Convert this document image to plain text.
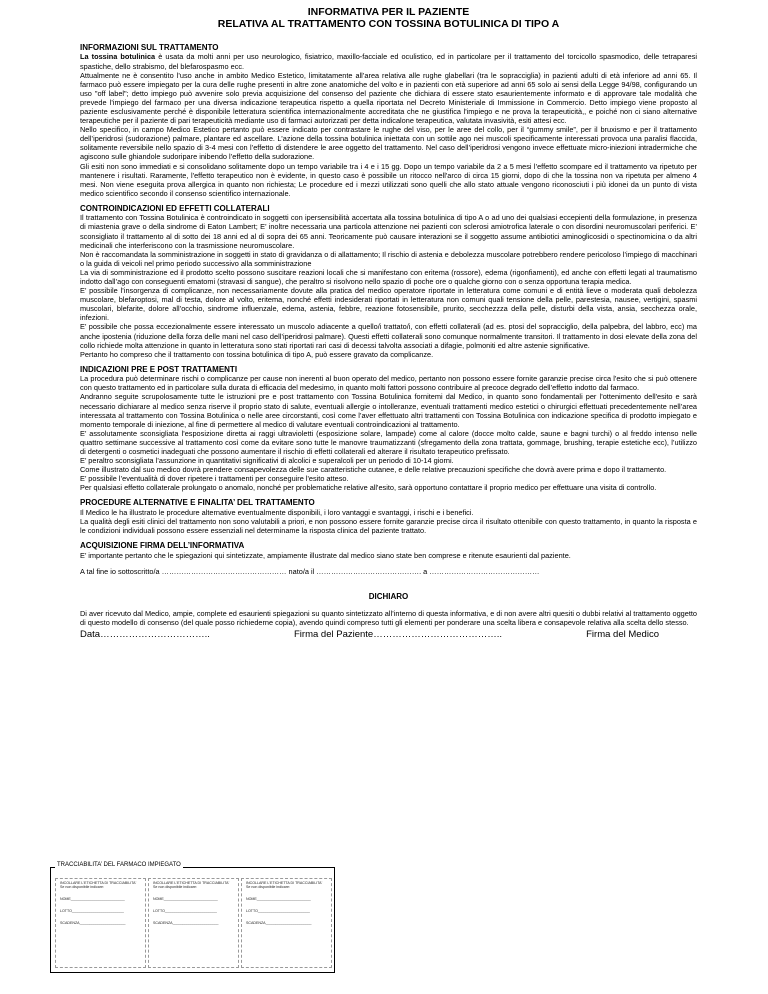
INFORMATIVA PER IL PAZIENTE
RELATIVA AL TRATTAMENTO CON TOSSINA BOTULINICA DI TIPO A
INFORMAZIONI SUL TRATTAMENTO

La tossina botulinica è usata da molti anni per uso neurologico, fisiatrico, maxillo-facciale ed oculistico, ed in particolare per il trattamento del torcicollo spasmodico, delle tetraparesi spastiche, dello strabismo, del blefarospasmo ecc.

Attualmente ne è consentito l’uso anche in ambito Medico Estetico, limitatamente all’area relativa alle rughe glabellari (tra le sopracciglia) in pazienti adulti di età inferiore ad anni 65. Il farmaco può essere impiegato per la cura delle rughe presenti in altre zone anatomiche del volto e in pazienti con età superiore ad anni 65 solo ai sensi della Legge 94/98, configurando un uso "off label"; detto impiego può avvenire solo previa acquisizione del consenso del paziente che dichiara di essere stato esaurientemente informato e di approvare tale modalità che prevede l’impiego del farmaco per una diversa indicazione terapeutica rispetto a quella riportata nel Decreto Ministeriale di Immissione in Commercio. Detto impiego viene proposto al paziente esclusivamente perché è disponibile letteratura scientifica internazionalmente accreditata che ne giustifica l'impiego e ne prova la terapeuticità,, e poiché non ci siano alternative terapeutiche per il paziente di pari terapeuticità mediante uso di farmaci autorizzati per detta indicalone terapeutica, valutata invasività, esiti attesi ecc.

Nello specifico, in campo Medico Estetico pertanto può essere indicato per contrastare le rughe del viso, per le aree del collo, per il “gummy smile”, per il bruxismo e per il trattamento dell’iperidrosi (sudorazione) palmare, plantare ed ascellare. L’azione della tossina botulinica iniettata con un sottile ago nei muscoli specificamente interessati provoca una paralisi flaccida, solitamente reversibile nello spazio di 3-4 mesi con l’effetto di distendere le aree oggetto del trattamento. Nel caso dell’iperidrosi vengono invece effettuate micro-iniezioni intradermiche che agiscono sulle ghiandole sudoripare inibendo l’effetto della sudorazione.

Gli esiti non sono immediati e si consolidano solitamente dopo un tempo variabile tra i 4 e i 15 gg. Dopo un tempo variabile da 2 a 5 mesi l’effetto scompare ed il trattamento va ripetuto per mantenere i risultati. Raramente, l'effetto terapeutico non è evidente, in questo caso è possibile un ritocco nell'arco di circa 15 giorni, dopo di che la tossina non va ripetuta per almeno 4 mesi. Non viene eseguita prova allergica in quanto non richiesta; Le procedure ed i mezzi utilizzati sono quelli che allo stato attuale vengono riconosciuti i più idonei da un punto di vista medico scientifico secondo il consenso scientifico internazionale.

CONTROINDICAZIONI ED EFFETTI COLLATERALI

Il trattamento con Tossina Botulinica è controindicato in soggetti con ipersensibilità accertata alla tossina botulinica di tipo A o ad uno dei qualsiasi eccepienti della formulazione, in presenza di miastenia grave o della sindrome di Eaton Lambert; E’ inoltre necessaria una particola attenzione nei pazienti con sclerosi amiotrofica laterale o con disordini neuromuscolari periferici. E’ sconsigliato il trattamento al di sotto dei 18 anni ed al di sopra dei 65 anni. Teoricamente può causare interazioni se il soggetto assume antibiotici aminoglicosidi o spectinomicina o da altri medicinali che interferiscono con la trasmissione neuromuscolare.

Non è raccomandata la somministrazione in soggetti in stato di gravidanza o di allattamento; Il rischio di astenia e debolezza muscolare potrebbero rendere pericoloso l’impiego di macchinari o la guida di veicoli nel primo periodo successivo alla somministrazione

La via di somministrazione ed il prodotto scelto possono suscitare reazioni locali che si manifestano con eritema (rossore), edema (rigonfiamenti), ed anche con effetti legati al traumatismo indotto dall’ago con conseguenti ematomi (stravasi di sangue), che peraltro si risolvono nello spazio di poche ore o qualche giorno con o senza opportuna terapia medica.

E’ possibile l’insorgenza di complicanze, non necessariamente dovute alla pratica del medico operatore riportate in letteratura come comuni e di entità lieve o moderata quali debolezza muscolare, blefaroptosi, mal di testa, dolore al volto, eritema, nonché effetti indesiderati riportati in letteratura non comuni quali tensione della pelle, parestesia, nausee, vertigini, spasmi muscolari, blefarite, dolore all’occhio, sindrome influenzale, edema, astenia, febbre, reazione fotosensibile, prurito, secchezzza della pelle, disturbi della vista, ansia, secchezza orale, infezioni.

E’ possibile che possa eccezionalmente essere interessato un muscolo adiacente a quello/i trattato/i, con effetti collaterali (ad es. ptosi del sopracciglio, della palpebra, del labbro, ecc) ma anche ipostenia (riduzione della forza delle mani nel caso dell’iperidrosi palmare). Questi effetti collaterali sono comunque normalmente transitori. Il trattamento in dosi elevate della zona del collo richiede molta attenzione in quanto in letteratura sono stati riportati rari casi di decessi talvolta associati a difagie, polmoniti ed altre astenie significative.

Pertanto ho compreso che il trattamento con tossina botulinica di tipo A, può essere gravato da complicanze.

INDICAZIONI PRE E POST TRATTAMENTI

La procedura può determinare rischi o complicanze per cause non inerenti al buon operato del medico, pertanto non possono essere fornite garanzie precise circa l'esito che si può ottenere con questo trattamento ed in particolare sulla durata di efficacia del medesimo, in quanto molti fattori possono contribuire al precoce degrado dell’effetto indotto dal farmaco.

Andranno seguite scrupolosamente tutte le istruzioni pre e post trattamento con Tossina Botulinica fornitemi dal Medico, in quanto sono fondamentali per l’ottenimento dell'esito e sarà necessario dichiarare al medico senza riserve il proprio stato di salute, eventuali allergie o intolleranze, eventuali trattamenti medico estetici o chirurgici effettuati precedentemente nell’area interessata al trattamento con Tossina Botulinica o nelle aree circorstanti, così come l’aver effettuato altri trattamenti con Tossina Botulinica con indicazione specifica di prodotto impiegato e momento temporale di iniezione, al fine di permettere al medico di valutare eventuali controindicazioni al trattamento.

E’ assolutamente sconsigliata l’esposizione diretta ai raggi ultravioletti (esposizione solare, lampade) come al calore (docce molto calde, saune e bagni turchi) o al freddo intenso nelle quattro settimane successive al trattamento così come da evitare sono tutte le manovre traumatizzanti (sfregamento della zona trattata, gommage, brushing, terapie estetiche ecc), l’utilizzo di detergenti o cosmetici inadeguati che possono aumentare il rischio di effetti collaterali ed alterare il risultato terapeutico prefissato.

E’ peraltro sconsigliata l’assunzione in quantitativi significativi di alcolici e superalcoli per un periodo di 10-14 giorni.

Come illustrato dal suo medico dovrà prendere consapevolezza delle sue caratteristiche cutanee, e delle relative precauzioni specifiche che dovrà avere prima e dopo il trattamento.

E’ possibile l’eventualità di dover ripetere i trattamenti per conseguire l'esito atteso.

Per qualsiasi effetto collaterale prolungato o anomalo, nonché per problematiche relative all'esito, sarà opportuno contattare il proprio medico per effettuare una visita di controllo.

PROCEDURE ALTERNATIVE E FINALITA’ DEL TRATTAMENTO

Il Medico le ha illustrato le procedure alternative eventualmente disponibili, i loro vantaggi e svantaggi, i rischi e i benefici.

La qualità degli esiti clinici del trattamento non sono valutabili a priori, e non possono essere fornite garanzie precise circa il risultato ottenibile con questo trattamento, in quanto la risposta e le condizioni individuali possono essere essenziali nel determiname la risposta clinica del paziente trattato.

ACQUISIZIONE FIRMA DELL’INFORMATIVA

E’ importante pertanto che le spiegazioni qui sintetizzate, ampiamente illustrate dal medico siano state ben comprese e ritenute esaurienti dal paziente.

A tal fine io sottoscritto/a …………………………………………… nato/a il ……………………………………. a ………………………………………

DICHIARO

Di aver ricevuto dal Medico, ampie, complete ed esaurienti spiegazioni su quanto sintetizzato all’interno di questa informativa, e di non avere altri quesiti o dubbi relativi al trattamento oggetto di questo modello di consenso (del quale posso richiederne copia), avendo quindi compreso tutti gli elementi per ponderare una scelta libera e consapevole relativa alla scelta dello stesso.

Data……………………………..	Firma del Paziente…………………………………..	Firma del Medico
TRACCIABILITA’ DEL FARMACO IMPIEGATO
INCOLLARE L'ETICHETTA DI TRACCIABILITA' Se non disponibile indicare:
NOME___________________________
LOTTO__________________________
SCADENZA_______________________
INCOLLARE L'ETICHETTA DI TRACCIABILITA' Se non disponibile indicare:
NOME___________________________
LOTTO__________________________
SCADENZA_______________________
INCOLLARE L'ETICHETTA DI TRACCIABILITA' Se non disponibile indicare:
NOME___________________________
LOTTO__________________________
SCADENZA_______________________
